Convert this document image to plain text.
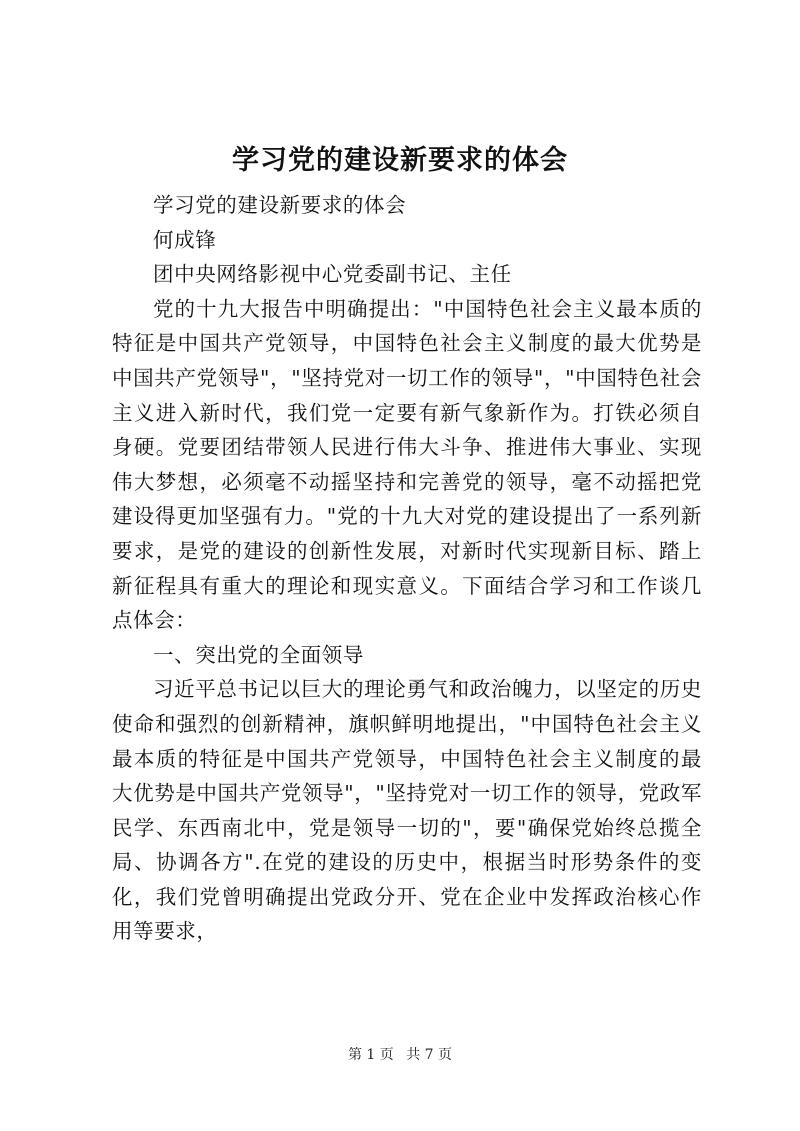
学习党的建设新要求的体会

学习党的建设新要求的体会

何成锋

团中央网络影视中心党委副书记、主任

党的十九大报告中明确提出："中国特色社会主义最本质的特征是中国共产党领导，中国特色社会主义制度的最大优势是中国共产党领导"，"坚持党对一切工作的领导"，"中国特色社会主义进入新时代，我们党一定要有新气象新作为。打铁必须自身硬。党要团结带领人民进行伟大斗争、推进伟大事业、实现伟大梦想，必须毫不动摇坚持和完善党的领导，毫不动摇把党建设得更加坚强有力。"党的十九大对党的建设提出了一系列新要求，是党的建设的创新性发展，对新时代实现新目标、踏上新征程具有重大的理论和现实意义。下面结合学习和工作谈几点体会：

一、突出党的全面领导

习近平总书记以巨大的理论勇气和政治魄力，以坚定的历史使命和强烈的创新精神，旗帜鲜明地提出，"中国特色社会主义最本质的特征是中国共产党领导，中国特色社会主义制度的最大优势是中国共产党领导"，"坚持党对一切工作的领导，党政军民学、东西南北中，党是领导一切的"，要"确保党始终总揽全局、协调各方".在党的建设的历史中，根据当时形势条件的变化，我们党曾明确提出党政分开、党在企业中发挥政治核心作用等要求，

第 1 页 共 7 页
